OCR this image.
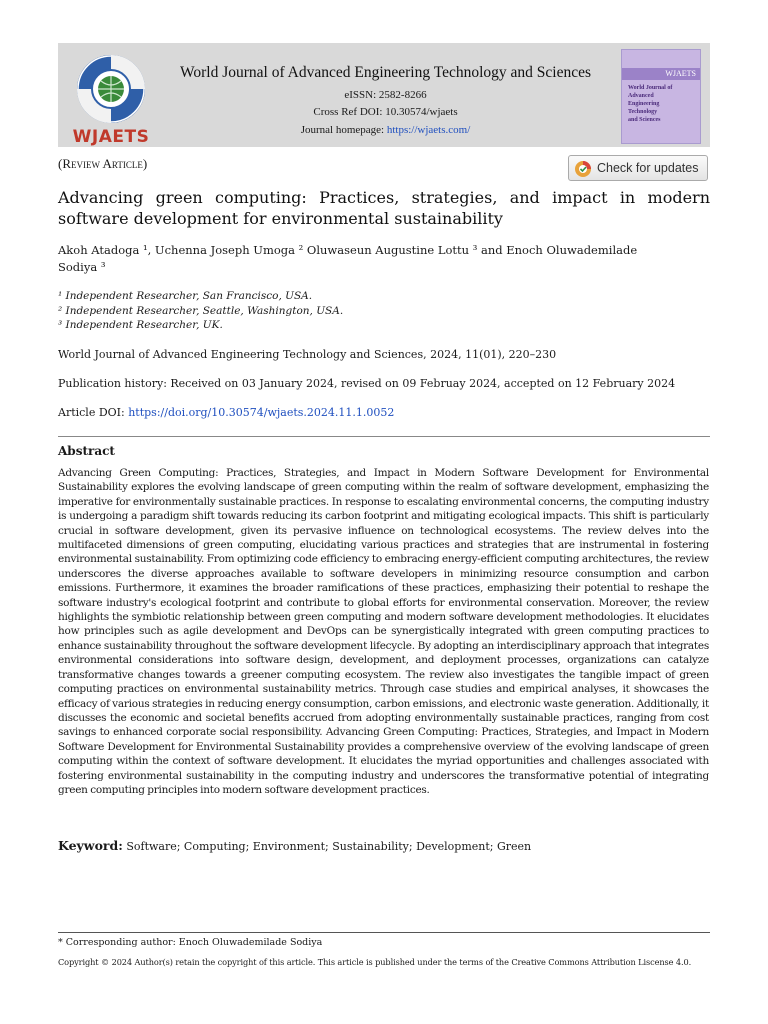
WJAETS
World Journal of Advanced Engineering Technology and Sciences
eISSN: 2582-8266
Cross Ref DOI: 10.30574/wjaets
Journal homepage: https://wjaets.com/
WJAETS
World Journal of
Advanced
Engineering
Technology
and Sciences
(Review Article)	Check for updates
Advancing green computing: Practices, strategies, and impact in modern software development for environmental sustainability
Akoh Atadoga ¹, Uchenna Joseph Umoga ² Oluwaseun Augustine Lottu ³ and Enoch Oluwademilade Sodiya ³
¹ Independent Researcher, San Francisco, USA.
² Independent Researcher, Seattle, Washington, USA.
³ Independent Researcher, UK.
World Journal of Advanced Engineering Technology and Sciences, 2024, 11(01), 220–230
Publication history: Received on 03 January 2024, revised on 09 Februay 2024, accepted on 12 February 2024
Article DOI: https://doi.org/10.30574/wjaets.2024.11.1.0052
Abstract
Advancing Green Computing: Practices, Strategies, and Impact in Modern Software Development for Environmental Sustainability explores the evolving landscape of green computing within the realm of software development, emphasizing the imperative for environmentally sustainable practices. In response to escalating environmental concerns, the computing industry is undergoing a paradigm shift towards reducing its carbon footprint and mitigating ecological impacts. This shift is particularly crucial in software development, given its pervasive influence on technological ecosystems. The review delves into the multifaceted dimensions of green computing, elucidating various practices and strategies that are instrumental in fostering environmental sustainability. From optimizing code efficiency to embracing energy-efficient computing architectures, the review underscores the diverse approaches available to software developers in minimizing resource consumption and carbon emissions. Furthermore, it examines the broader ramifications of these practices, emphasizing their potential to reshape the software industry's ecological footprint and contribute to global efforts for environmental conservation. Moreover, the review highlights the symbiotic relationship between green computing and modern software development methodologies. It elucidates how principles such as agile development and DevOps can be synergistically integrated with green computing practices to enhance sustainability throughout the software development lifecycle. By adopting an interdisciplinary approach that integrates environmental considerations into software design, development, and deployment processes, organizations can catalyze transformative changes towards a greener computing ecosystem. The review also investigates the tangible impact of green computing practices on environmental sustainability metrics. Through case studies and empirical analyses, it showcases the efficacy of various strategies in reducing energy consumption, carbon emissions, and electronic waste generation. Additionally, it discusses the economic and societal benefits accrued from adopting environmentally sustainable practices, ranging from cost savings to enhanced corporate social responsibility. Advancing Green Computing: Practices, Strategies, and Impact in Modern Software Development for Environmental Sustainability provides a comprehensive overview of the evolving landscape of green computing within the context of software development. It elucidates the myriad opportunities and challenges associated with fostering environmental sustainability in the computing industry and underscores the transformative potential of integrating green computing principles into modern software development practices.
Keyword: Software; Computing; Environment; Sustainability; Development; Green
* Corresponding author: Enoch Oluwademilade Sodiya
Copyright © 2024 Author(s) retain the copyright of this article. This article is published under the terms of the Creative Commons Attribution Liscense 4.0.
